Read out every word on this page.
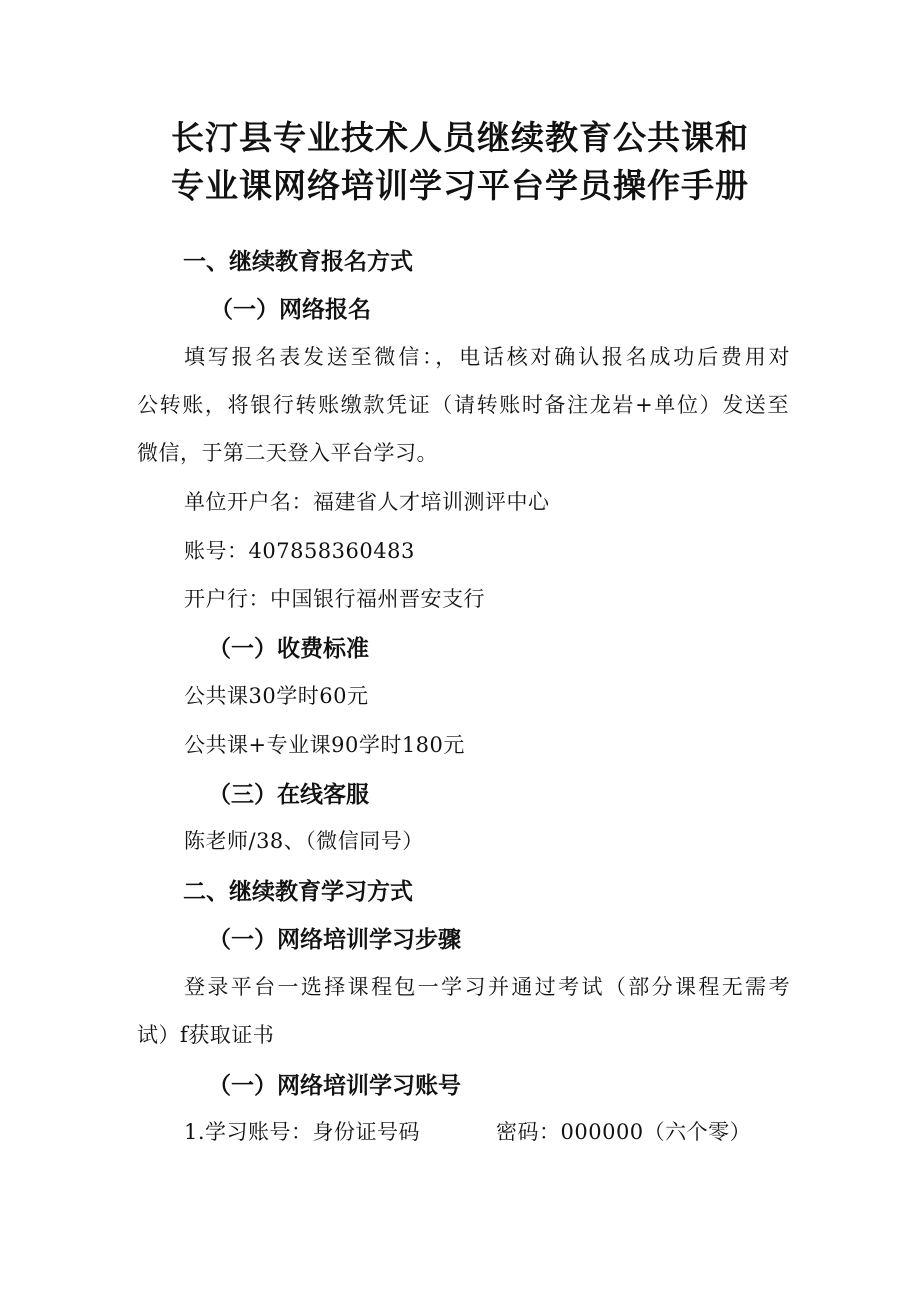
长汀县专业技术人员继续教育公共课和
专业课网络培训学习平台学员操作手册
一、继续教育报名方式
（一）网络报名
填写报名表发送至微信：，电话核对确认报名成功后费用对
公转账，将银行转账缴款凭证（请转账时备注龙岩+单位）发送至
微信，于第二天登入平台学习。
单位开户名：福建省人才培训测评中心
账号：407858360483
开户行：中国银行福州晋安支行
（一）收费标准
公共课30学时60元
公共课+专业课90学时180元
（三）在线客服
陈老师/38、（微信同号）
二、继续教育学习方式
（一）网络培训学习步骤
登录平台一选择课程包一学习并通过考试（部分课程无需考
试）f获取证书
（一）网络培训学习账号
1.学习账号：身份证号码	密码：000000（六个零）
